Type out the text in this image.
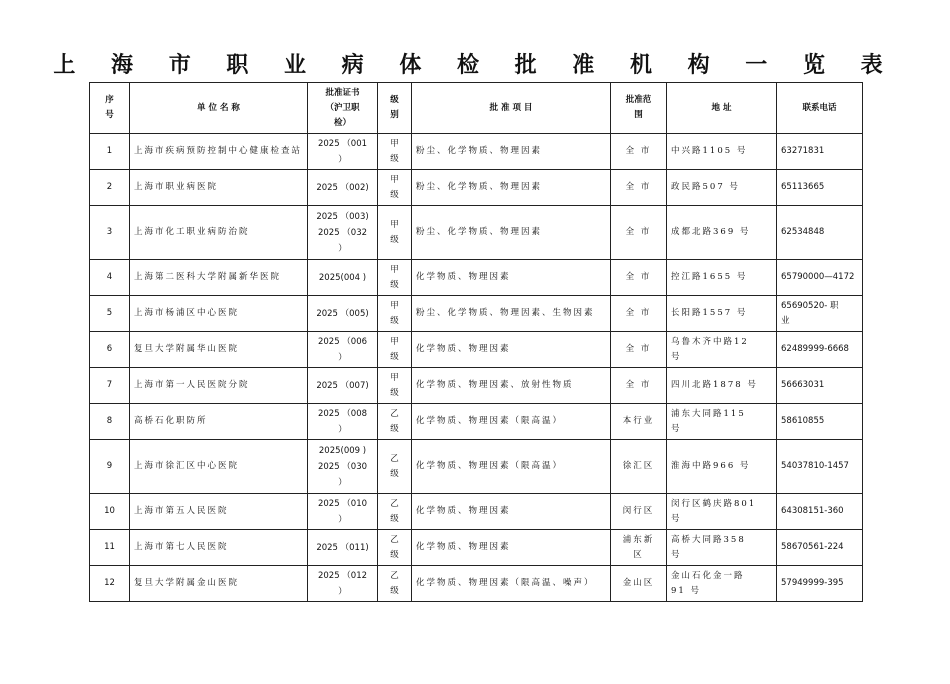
上 海 市 职 业 病 体 检 批 准 机 构 一 览 表
序
号	单 位 名 称	批准证书
（沪卫职
检）	级
别	批 准 项 目	批准范
围	地 址	联系电话
1	上海市疾病预防控制中心健康检查站	2025 （001
）	甲
级	粉尘、化学物质、物理因素	全 市	中兴路1105 号	63271831
2	上海市职业病医院	2025 （002)	甲
级	粉尘、化学物质、物理因素	全 市	政民路507 号	65113665
3	上海市化工职业病防治院	2025 （003)
2025 （032
）	甲
级	粉尘、化学物质、物理因素	全 市	成都北路369 号	62534848
4	上海第二医科大学附属新华医院	2025(004 )	甲
级	化学物质、物理因素	全 市	控江路1655 号	65790000—4172
5	上海市杨浦区中心医院	2025 （005)	甲
级	粉尘、化学物质、物理因素、生物因素	全 市	长阳路1557 号	65690520- 职
业
6	复旦大学附属华山医院	2025 （006
）	甲
级	化学物质、物理因素	全 市	乌鲁木齐中路12
号	62489999-6668
7	上海市第一人民医院分院	2025 （007)	甲
级	化学物质、物理因素、放射性物质	全 市	四川北路1878 号	56663031
8	高桥石化职防所	2025 （008
）	乙
级	化学物质、物理因素（限高温）	本行业	浦东大同路115
号	58610855
9	上海市徐汇区中心医院	2025(009 )
2025 （030
）	乙
级	化学物质、物理因素（限高温）	徐汇区	淮海中路966 号	54037810-1457
10	上海市第五人民医院	2025 （010
）	乙
级	化学物质、物理因素	闵行区	闵行区鹤庆路801
号	64308151-360
11	上海市第七人民医院	2025 （011)	乙
级	化学物质、物理因素	浦东新
区	高桥大同路358
号	58670561-224
12	复旦大学附属金山医院	2025 （012
）	乙
级	化学物质、物理因素（限高温、噪声）	金山区	金山石化金一路
91 号	57949999-395
